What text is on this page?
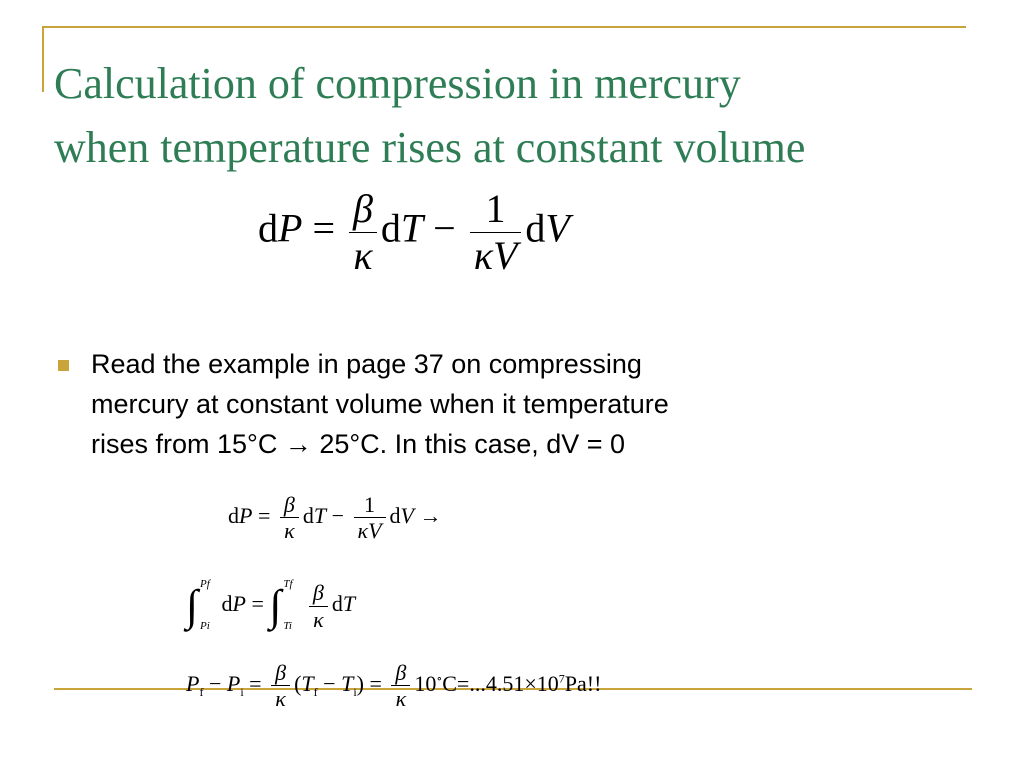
Calculation of compression in mercury
when temperature rises at constant volume
dP = $\frac{\beta}{\kappa}$ dT − $\frac{1}{\kappa V}$ dV

Read the example in page 37 on compressing
mercury at constant volume when it temperature
rises from 15°C → 25°C. In this case, dV = 0

dP = $\frac{\beta}{\kappa}$ dT − $\frac{1}{\kappa V}$ dV →
∫ Pf
Pi
dP = ∫ Tf
Ti
$\frac{\beta}{\kappa}$ dT
$P_f - P_i = \frac{\beta}{\kappa} (T_f - T_i) = \frac{\beta}{\kappa} 10^\circ C=...4.51\times 10^7Pa$!!
